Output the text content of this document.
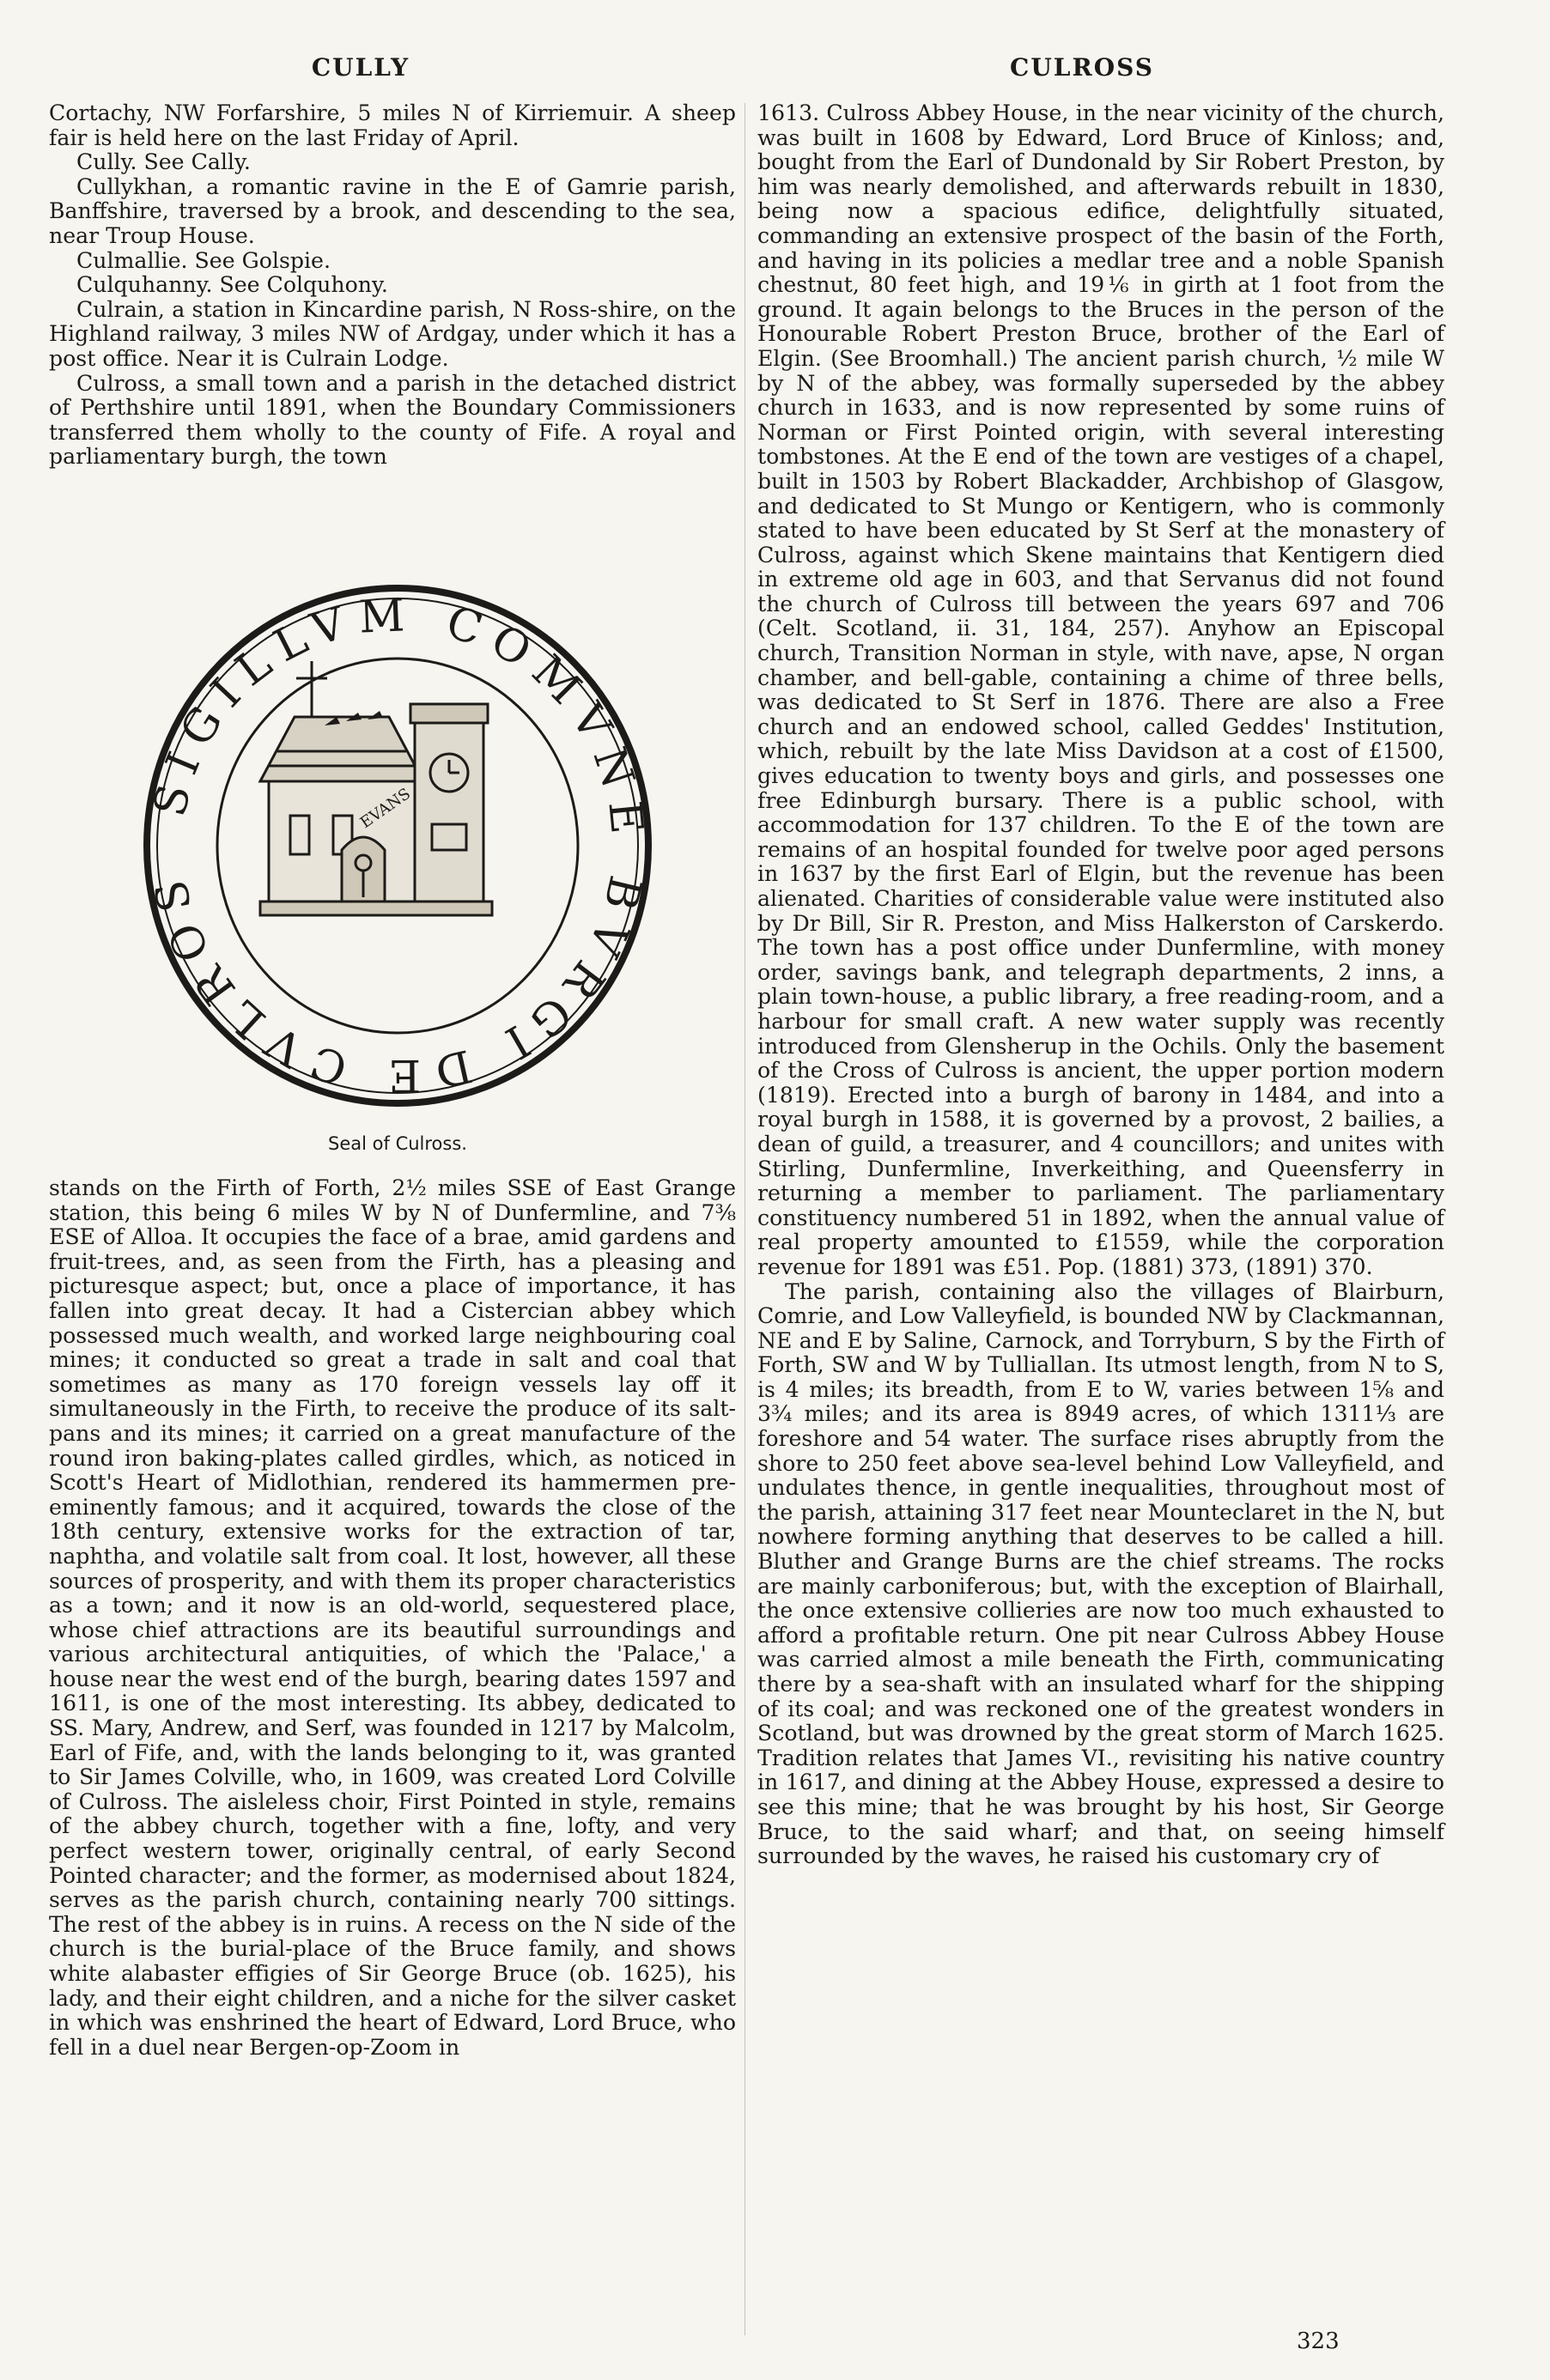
CULLY	CULROSS

Cortachy, NW Forfarshire, 5 miles N of Kirriemuir. A sheep fair is held here on the last Friday of April.

Cully. See Cally.

Cullykhan, a romantic ravine in the E of Gamrie parish, Banffshire, traversed by a brook, and descending to the sea, near Troup House.

Culmallie. See Golspie.

Culquhanny. See Colquhony.

Culrain, a station in Kincardine parish, N Ross-shire, on the Highland railway, 3 miles NW of Ardgay, under which it has a post office. Near it is Culrain Lodge.

Culross, a small town and a parish in the detached district of Perthshire until 1891, when the Boundary Commissioners transferred them wholly to the county of Fife. A royal and parliamentary burgh, the town

SIGILLVM COMVNE BVRGI DE CVLROS
EVANS
Seal of Culross.

stands on the Firth of Forth, 2½ miles SSE of East Grange station, this being 6 miles W by N of Dunfermline, and 7⅜ ESE of Alloa. It occupies the face of a brae, amid gardens and fruit-trees, and, as seen from the Firth, has a pleasing and picturesque aspect; but, once a place of importance, it has fallen into great decay. It had a Cistercian abbey which possessed much wealth, and worked large neighbouring coal mines; it conducted so great a trade in salt and coal that sometimes as many as 170 foreign vessels lay off it simultaneously in the Firth, to receive the produce of its salt-pans and its mines; it carried on a great manufacture of the round iron baking-plates called girdles, which, as noticed in Scott's Heart of Midlothian, rendered its hammermen pre-eminently famous; and it acquired, towards the close of the 18th century, extensive works for the extraction of tar, naphtha, and volatile salt from coal. It lost, however, all these sources of prosperity, and with them its proper characteristics as a town; and it now is an old-world, sequestered place, whose chief attractions are its beautiful surroundings and various architectural antiquities, of which the 'Palace,' a house near the west end of the burgh, bearing dates 1597 and 1611, is one of the most interesting. Its abbey, dedicated to SS. Mary, Andrew, and Serf, was founded in 1217 by Malcolm, Earl of Fife, and, with the lands belonging to it, was granted to Sir James Colville, who, in 1609, was created Lord Colville of Culross. The aisleless choir, First Pointed in style, remains of the abbey church, together with a fine, lofty, and very perfect western tower, originally central, of early Second Pointed character; and the former, as modernised about 1824, serves as the parish church, containing nearly 700 sittings. The rest of the abbey is in ruins. A recess on the N side of the church is the burial-place of the Bruce family, and shows white alabaster effigies of Sir George Bruce (ob. 1625), his lady, and their eight children, and a niche for the silver casket in which was enshrined the heart of Edward, Lord Bruce, who fell in a duel near Bergen-op-Zoom in

1613. Culross Abbey House, in the near vicinity of the church, was built in 1608 by Edward, Lord Bruce of Kinloss; and, bought from the Earl of Dundonald by Sir Robert Preston, by him was nearly demolished, and afterwards rebuilt in 1830, being now a spacious edifice, delightfully situated, commanding an extensive prospect of the basin of the Forth, and having in its policies a medlar tree and a noble Spanish chestnut, 80 feet high, and 19⅙ in girth at 1 foot from the ground. It again belongs to the Bruces in the person of the Honourable Robert Preston Bruce, brother of the Earl of Elgin. (See Broomhall.) The ancient parish church, ½ mile W by N of the abbey, was formally superseded by the abbey church in 1633, and is now represented by some ruins of Norman or First Pointed origin, with several interesting tombstones. At the E end of the town are vestiges of a chapel, built in 1503 by Robert Blackadder, Archbishop of Glasgow, and dedicated to St Mungo or Kentigern, who is commonly stated to have been educated by St Serf at the monastery of Culross, against which Skene maintains that Kentigern died in extreme old age in 603, and that Servanus did not found the church of Culross till between the years 697 and 706 (Celt. Scotland, ii. 31, 184, 257). Anyhow an Episcopal church, Transition Norman in style, with nave, apse, N organ chamber, and bell-gable, containing a chime of three bells, was dedicated to St Serf in 1876. There are also a Free church and an endowed school, called Geddes' Institution, which, rebuilt by the late Miss Davidson at a cost of £1500, gives education to twenty boys and girls, and possesses one free Edinburgh bursary. There is a public school, with accommodation for 137 children. To the E of the town are remains of an hospital founded for twelve poor aged persons in 1637 by the first Earl of Elgin, but the revenue has been alienated. Charities of considerable value were instituted also by Dr Bill, Sir R. Preston, and Miss Halkerston of Carskerdo. The town has a post office under Dunfermline, with money order, savings bank, and telegraph departments, 2 inns, a plain town-house, a public library, a free reading-room, and a harbour for small craft. A new water supply was recently introduced from Glensherup in the Ochils. Only the basement of the Cross of Culross is ancient, the upper portion modern (1819). Erected into a burgh of barony in 1484, and into a royal burgh in 1588, it is governed by a provost, 2 bailies, a dean of guild, a treasurer, and 4 councillors; and unites with Stirling, Dunfermline, Inverkeithing, and Queensferry in returning a member to parliament. The parliamentary constituency numbered 51 in 1892, when the annual value of real property amounted to £1559, while the corporation revenue for 1891 was £51. Pop. (1881) 373, (1891) 370.

The parish, containing also the villages of Blairburn, Comrie, and Low Valleyfield, is bounded NW by Clackmannan, NE and E by Saline, Carnock, and Torryburn, S by the Firth of Forth, SW and W by Tulliallan. Its utmost length, from N to S, is 4 miles; its breadth, from E to W, varies between 1⅝ and 3¾ miles; and its area is 8949 acres, of which 1311⅓ are foreshore and 54 water. The surface rises abruptly from the shore to 250 feet above sea-level behind Low Valleyfield, and undulates thence, in gentle inequalities, throughout most of the parish, attaining 317 feet near Mounteclaret in the N, but nowhere forming anything that deserves to be called a hill. Bluther and Grange Burns are the chief streams. The rocks are mainly carboniferous; but, with the exception of Blairhall, the once extensive collieries are now too much exhausted to afford a profitable return. One pit near Culross Abbey House was carried almost a mile beneath the Firth, communicating there by a sea-shaft with an insulated wharf for the shipping of its coal; and was reckoned one of the greatest wonders in Scotland, but was drowned by the great storm of March 1625. Tradition relates that James VI., revisiting his native country in 1617, and dining at the Abbey House, expressed a desire to see this mine; that he was brought by his host, Sir George Bruce, to the said wharf; and that, on seeing himself surrounded by the waves, he raised his customary cry of

323
